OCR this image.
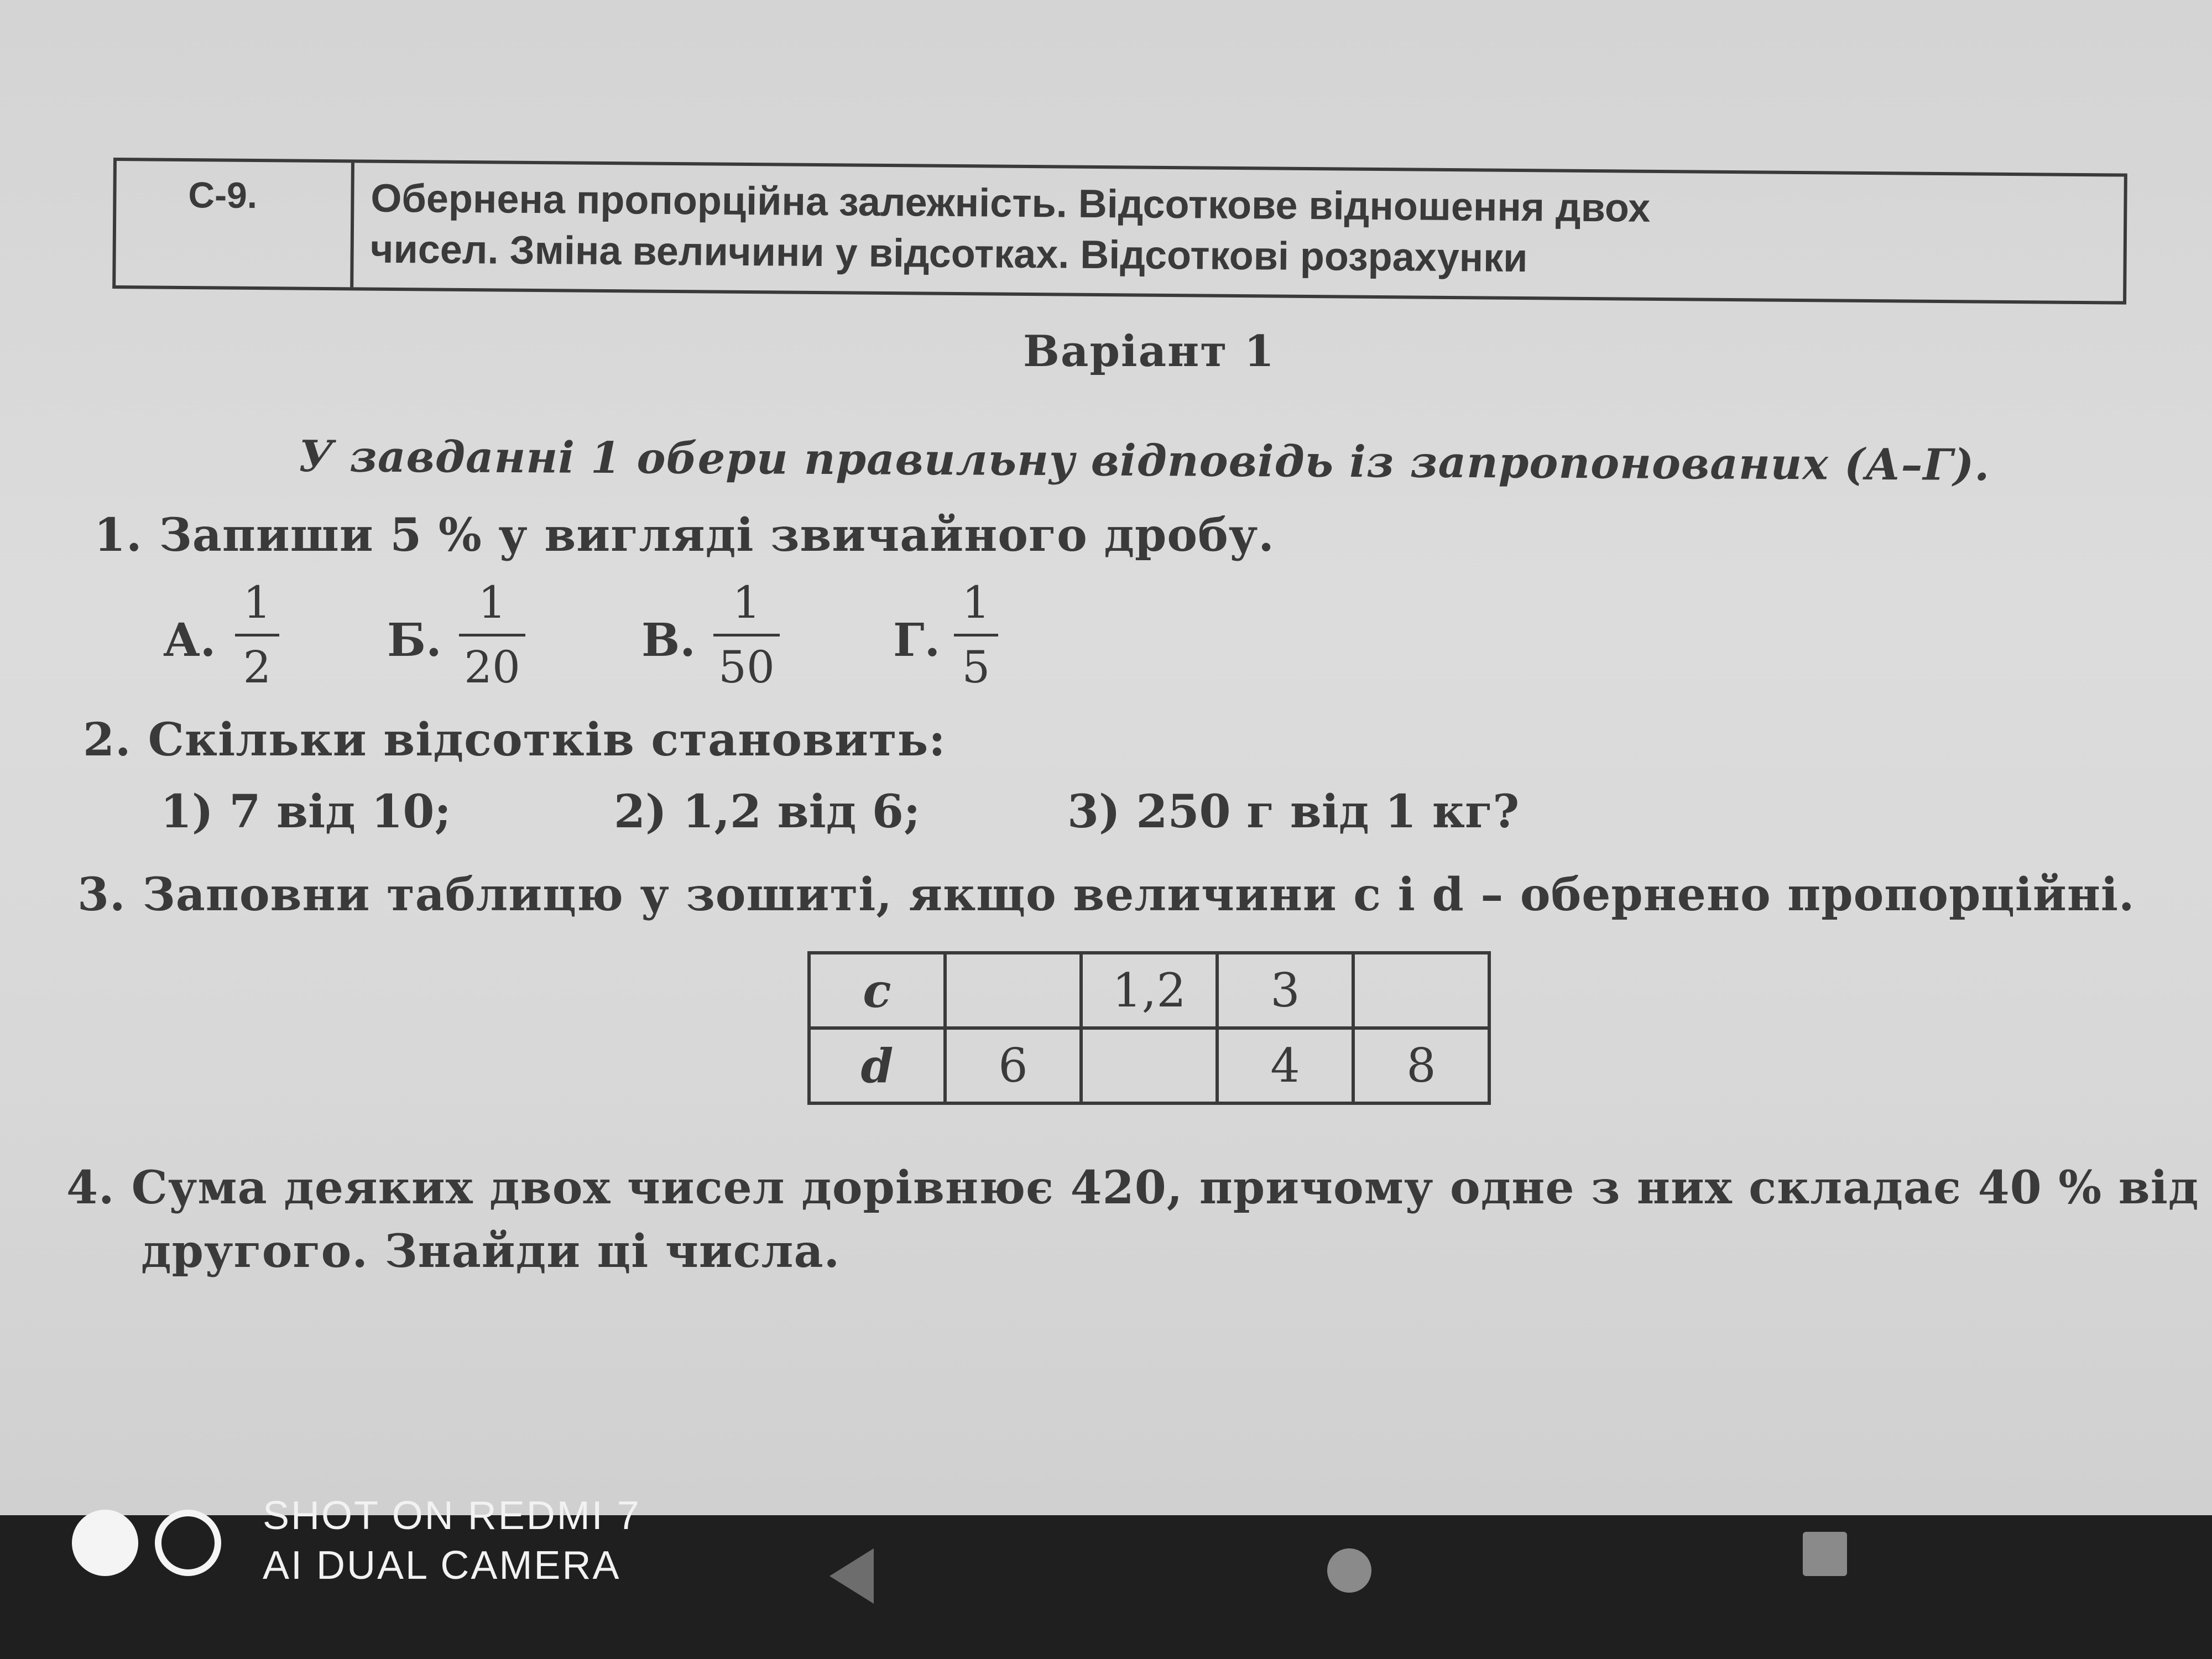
С-9.	Обернена пропорційна залежність. Відсоткове відношення двох
чисел. Зміна величини у відсотках. Відсоткові розрахунки
Варіант 1
У завданні 1 обери правильну відповідь із запропонованих (А–Г).
1. Запиши 5 % у вигляді звичайного дробу.
А.
1
2
Б.
1
20
В.
1
50
Г.
1
5
2. Скільки відсотків становить:
1) 7 від 10;	2) 1,2 від 6;	3) 250 г від 1 кг?
3. Заповни таблицю у зошиті, якщо величини c і d – обернено пропорційні.
c		1,2	3	
d	6		4	8
4. Сума деяких двох чисел дорівнює 420, причому одне з них складає 40 % від
другого. Знайди ці числа.
SHOT ON REDMI 7
AI DUAL CAMERA
